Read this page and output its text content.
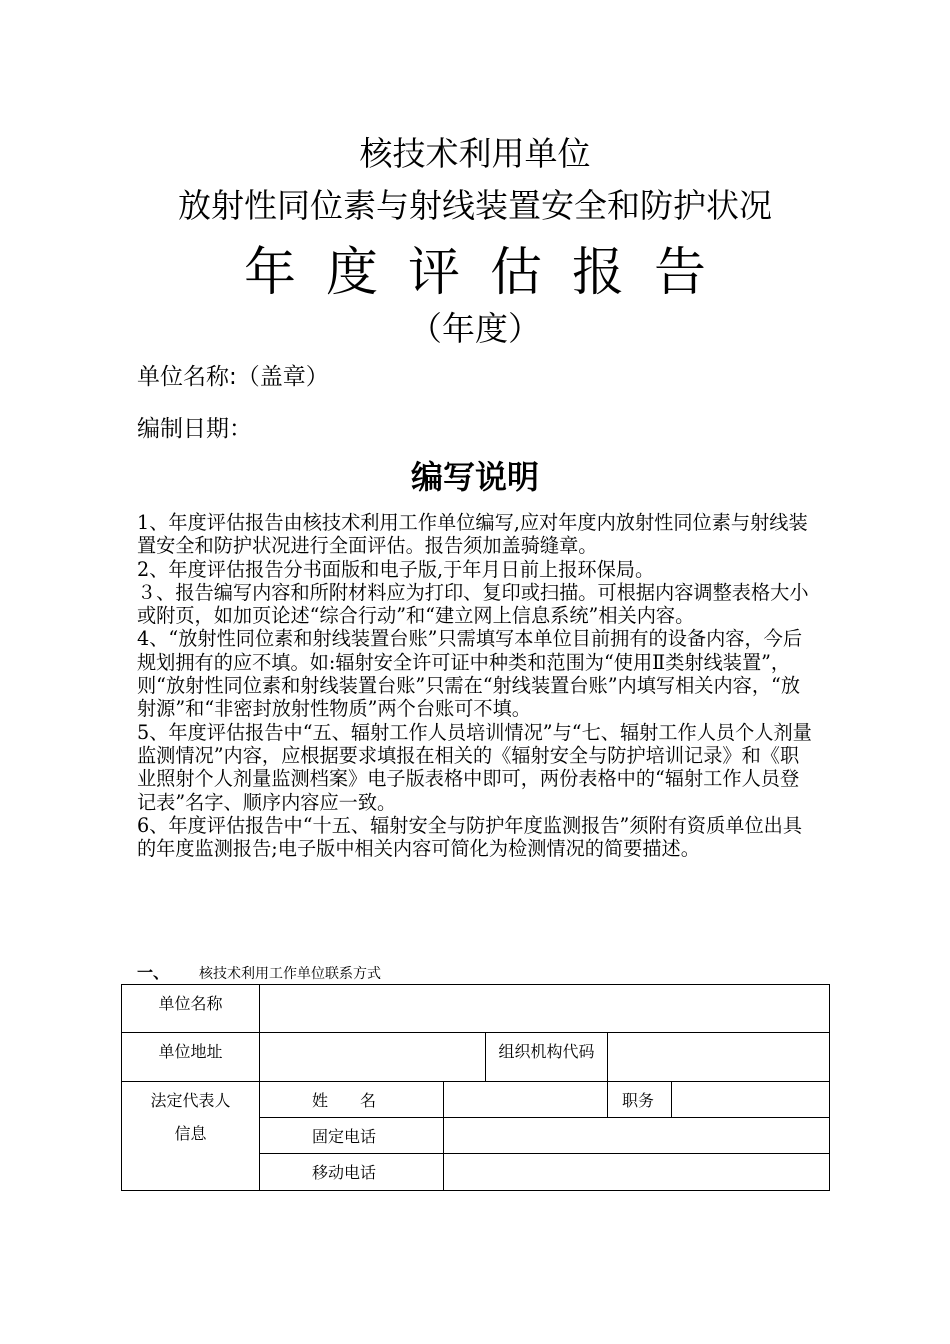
核技术利用单位
放射性同位素与射线装置安全和防护状况
年度评估报告
（年度）
单位名称:（盖章）
编制日期：
编写说明

1、年度评估报告由核技术利用工作单位编写,应对年度内放射性同位素与射线装置安全和防护状况进行全面评估。报告须加盖骑缝章。

2、年度评估报告分书面版和电子版,于年月日前上报环保局。

３、报告编写内容和所附材料应为打印、复印或扫描。可根据内容调整表格大小或附页，如加页论述“综合行动”和“建立网上信息系统”相关内容。

4、“放射性同位素和射线装置台账”只需填写本单位目前拥有的设备内容，今后规划拥有的应不填。如:辐射安全许可证中种类和范围为“使用Ⅱ类射线装置”，则“放射性同位素和射线装置台账”只需在“射线装置台账”内填写相关内容，“放射源”和“非密封放射性物质”两个台账可不填。

5、年度评估报告中“五、辐射工作人员培训情况”与“七、辐射工作人员个人剂量监测情况”内容，应根据要求填报在相关的《辐射安全与防护培训记录》和《职业照射个人剂量监测档案》电子版表格中即可，两份表格中的“辐射工作人员登记表”名字、顺序内容应一致。

6、年度评估报告中“十五、辐射安全与防护年度监测报告”须附有资质单位出具的年度监测报告;电子版中相关内容可简化为检测情况的简要描述。

一、 核技术利用工作单位联系方式
单位名称					
单位地址			组织机构代码		

法定代表人
信息	姓　　名			职务	
	固定电话				
	移动电话				
